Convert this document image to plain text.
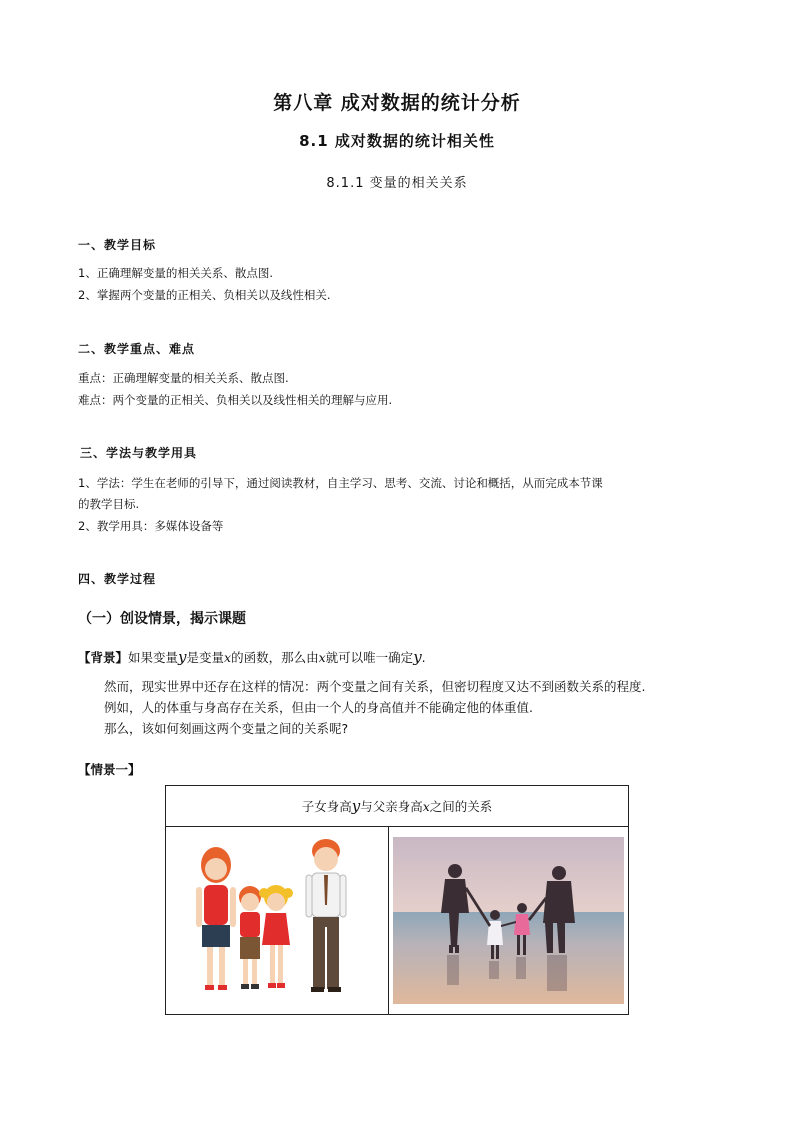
第八章 成对数据的统计分析
8.1 成对数据的统计相关性
8.1.1 变量的相关关系
一、教学目标
1、正确理解变量的相关关系、散点图.
2、掌握两个变量的正相关、负相关以及线性相关.
二、教学重点、难点
重点：正确理解变量的相关关系、散点图.
难点：两个变量的正相关、负相关以及线性相关的理解与应用.
三、学法与教学用具
1、学法：学生在老师的引导下，通过阅读教材，自主学习、思考、交流、讨论和概括，从而完成本节课
的教学目标.
2、教学用具：多媒体设备等
四、教学过程
（一）创设情景，揭示课题
【背景】如果变量y是变量x的函数，那么由x就可以唯一确定y.
然而，现实世界中还存在这样的情况：两个变量之间有关系，但密切程度又达不到函数关系的程度.
例如，人的体重与身高存在关系，但由一个人的身高值并不能确定他的体重值.
那么，该如何刻画这两个变量之间的关系呢?
【情景一】
子女身高y与父亲身高x之间的关系
